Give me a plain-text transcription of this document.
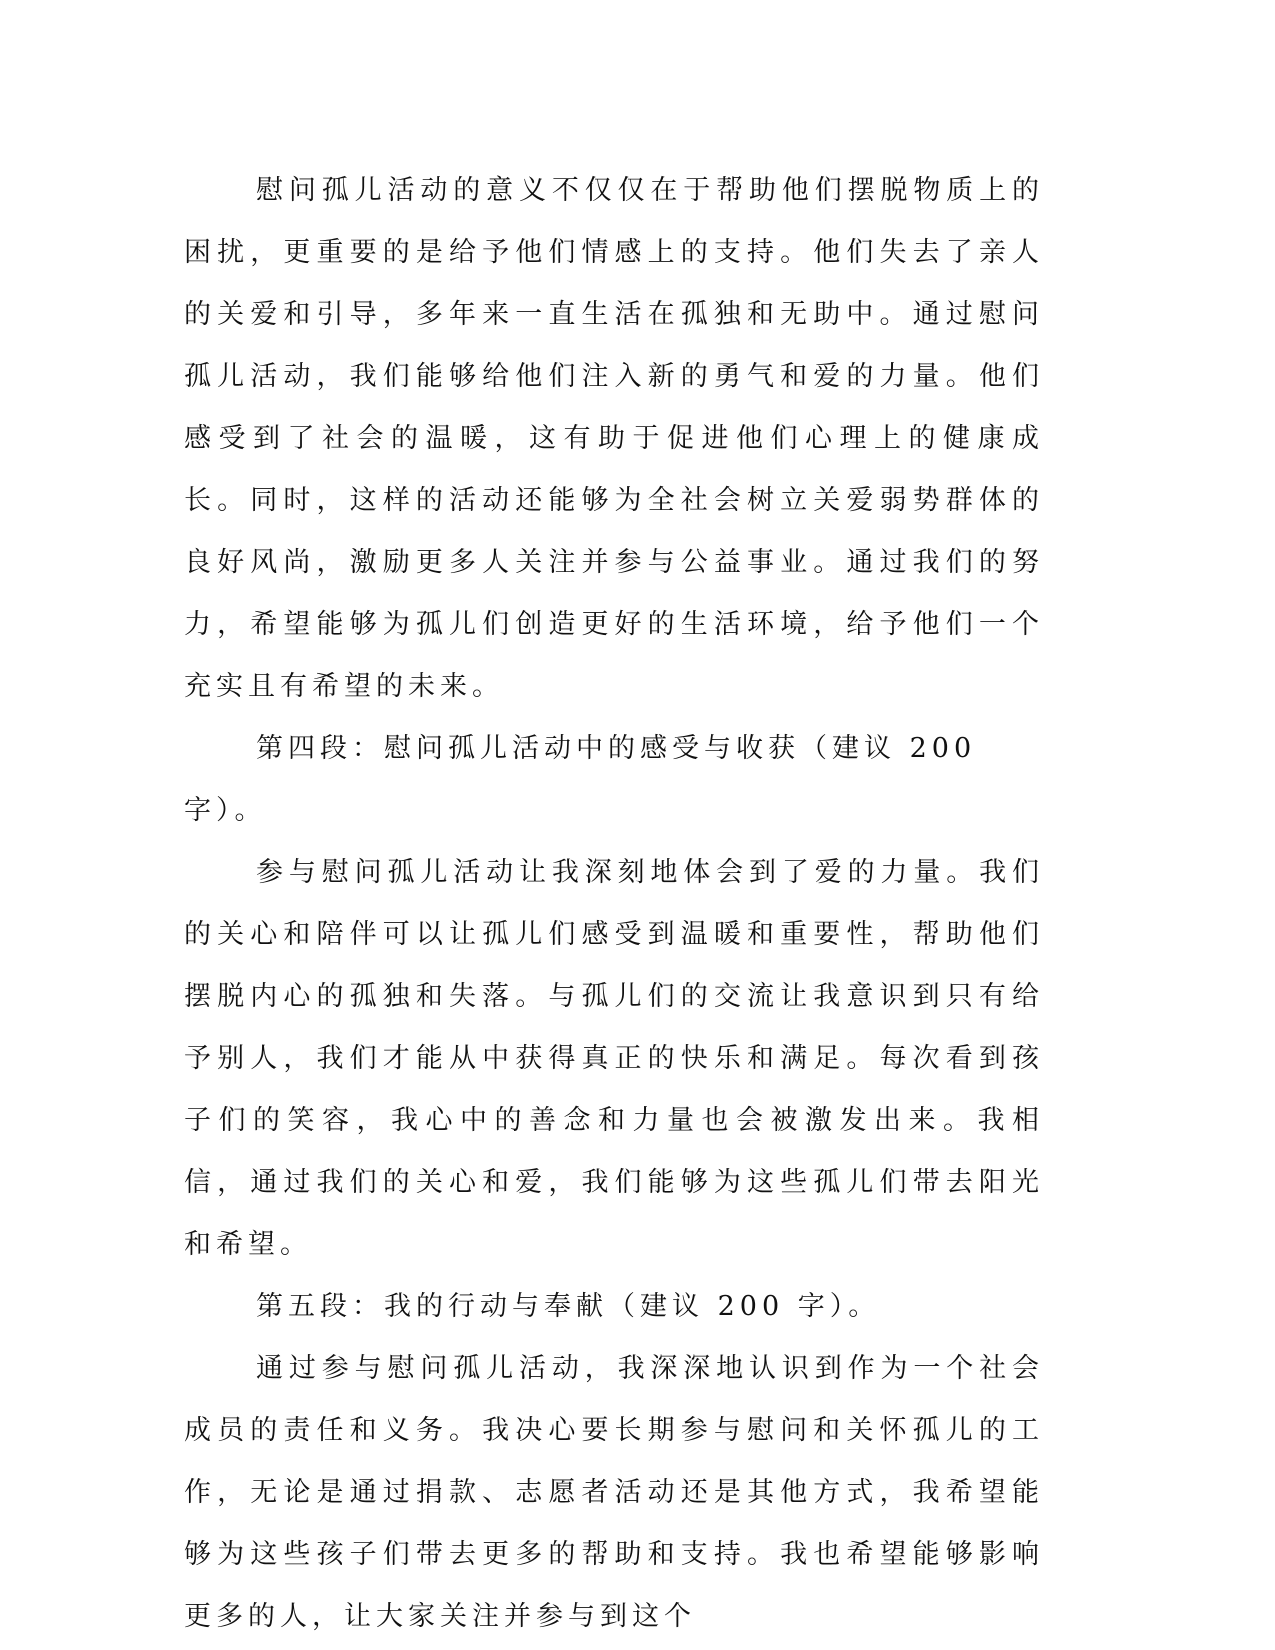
慰问孤儿活动的意义不仅仅在于帮助他们摆脱物质上的困扰，更重要的是给予他们情感上的支持。他们失去了亲人的关爱和引导，多年来一直生活在孤独和无助中。通过慰问孤儿活动，我们能够给他们注入新的勇气和爱的力量。他们感受到了社会的温暖，这有助于促进他们心理上的健康成长。同时，这样的活动还能够为全社会树立关爱弱势群体的良好风尚，激励更多人关注并参与公益事业。通过我们的努力，希望能够为孤儿们创造更好的生活环境，给予他们一个充实且有希望的未来。

第四段：慰问孤儿活动中的感受与收获（建议 200 字）。

参与慰问孤儿活动让我深刻地体会到了爱的力量。我们的关心和陪伴可以让孤儿们感受到温暖和重要性，帮助他们摆脱内心的孤独和失落。与孤儿们的交流让我意识到只有给予别人，我们才能从中获得真正的快乐和满足。每次看到孩子们的笑容，我心中的善念和力量也会被激发出来。我相信，通过我们的关心和爱，我们能够为这些孤儿们带去阳光和希望。

第五段：我的行动与奉献（建议 200 字）。

通过参与慰问孤儿活动，我深深地认识到作为一个社会成员的责任和义务。我决心要长期参与慰问和关怀孤儿的工作，无论是通过捐款、志愿者活动还是其他方式，我希望能够为这些孩子们带去更多的帮助和支持。我也希望能够影响更多的人，让大家关注并参与到这个
